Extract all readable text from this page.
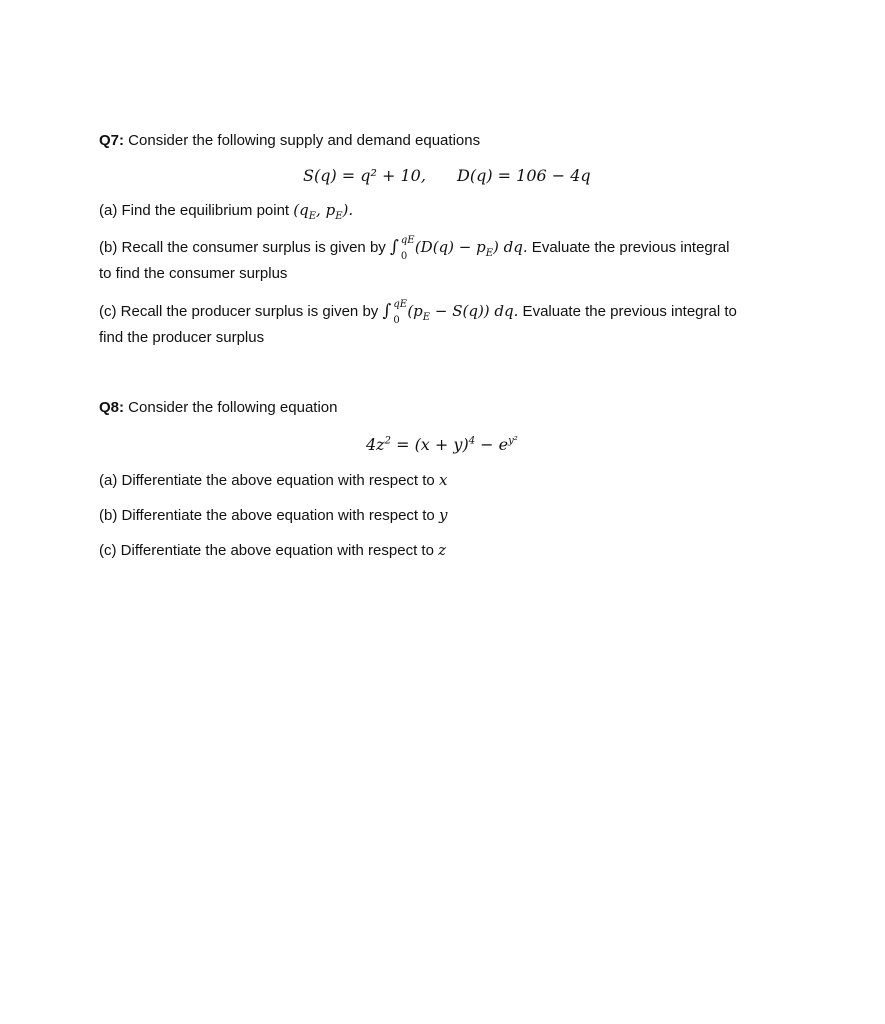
Q7: Consider the following supply and demand equations
S(q) = q² + 10, D(q) = 106 − 4q
(a) Find the equilibrium point ($q_E$, $p_E$).
(b) Recall the consumer surplus is given by ∫ qE
0
$(D(q) - p_E)$ dq. Evaluate the previous integral
to find the consumer surplus
(c) Recall the producer surplus is given by ∫ qE
0
$(p_E - S(q))$ dq. Evaluate the previous integral to
find the producer surplus
Q8: Consider the following equation
$4z^2 = (x + y)^4 - e^{y^2}$
(a) Differentiate the above equation with respect to x
(b) Differentiate the above equation with respect to y
(c) Differentiate the above equation with respect to z
